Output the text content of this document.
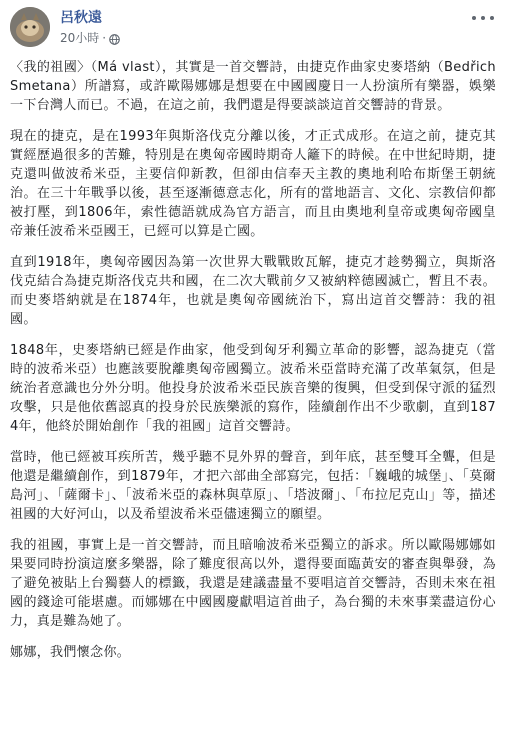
呂秋遠
20小時 ·

〈我的祖國〉（Má vlast），其實是一首交響詩，由捷克作曲家史麥塔納（Bedřich Smetana）所譜寫，或許歐陽娜娜是想要在中國國慶日一人扮演所有樂器，娛樂一下台灣人而已。不過，在這之前，我們還是得要談談這首交響詩的背景。

現在的捷克，是在1993年與斯洛伐克分離以後，才正式成形。在這之前，捷克其實經歷過很多的苦難，特別是在奧匈帝國時期奇人籬下的時候。在中世紀時期，捷克還叫做波希米亞，主要信仰新教，但卻由信奉天主教的奧地利哈布斯堡王朝統治。在三十年戰爭以後，甚至逐漸德意志化，所有的當地語言、文化、宗教信仰都被打壓，到1806年，索性德語就成為官方語言，而且由奧地利皇帝或奧匈帝國皇帝兼任波希米亞國王，已經可以算是亡國。

直到1918年，奧匈帝國因為第一次世界大戰戰敗瓦解，捷克才趁勢獨立，與斯洛伐克結合為捷克斯洛伐克共和國，在二次大戰前夕又被納粹德國滅亡，暫且不表。而史麥塔納就是在1874年，也就是奧匈帝國統治下，寫出這首交響詩：我的祖國。

1848年，史麥塔納已經是作曲家，他受到匈牙利獨立革命的影響，認為捷克（當時的波希米亞）也應該要脫離奧匈帝國獨立。波希米亞當時充滿了改革氣氛，但是統治者意識也分外分明。他投身於波希米亞民族音樂的復興，但受到保守派的猛烈攻擊，只是他依舊認真的投身於民族樂派的寫作，陸續創作出不少歌劇，直到1874年，他終於開始創作「我的祖國」這首交響詩。

當時，他已經被耳疾所苦，幾乎聽不見外界的聲音，到年底，甚至雙耳全聾，但是他還是繼續創作，到1879年，才把六部曲全部寫完，包括：「巍峨的城堡」、「莫爾島河」、「薩爾卡」、「波希米亞的森林與草原」、「塔波爾」、「布拉尼克山」等，描述祖國的大好河山，以及希望波希米亞儘速獨立的願望。

我的祖國，事實上是一首交響詩，而且暗喻波希米亞獨立的訴求。所以歐陽娜娜如果要同時扮演這麼多樂器，除了難度很高以外，還得要面臨黃安的審查與舉發，為了避免被貼上台獨藝人的標籤，我還是建議盡量不要唱這首交響詩，否則未來在祖國的錢途可能堪慮。而娜娜在中國國慶獻唱這首曲子，為台獨的未來事業盡這份心力，真是難為她了。

娜娜，我們懷念你。
